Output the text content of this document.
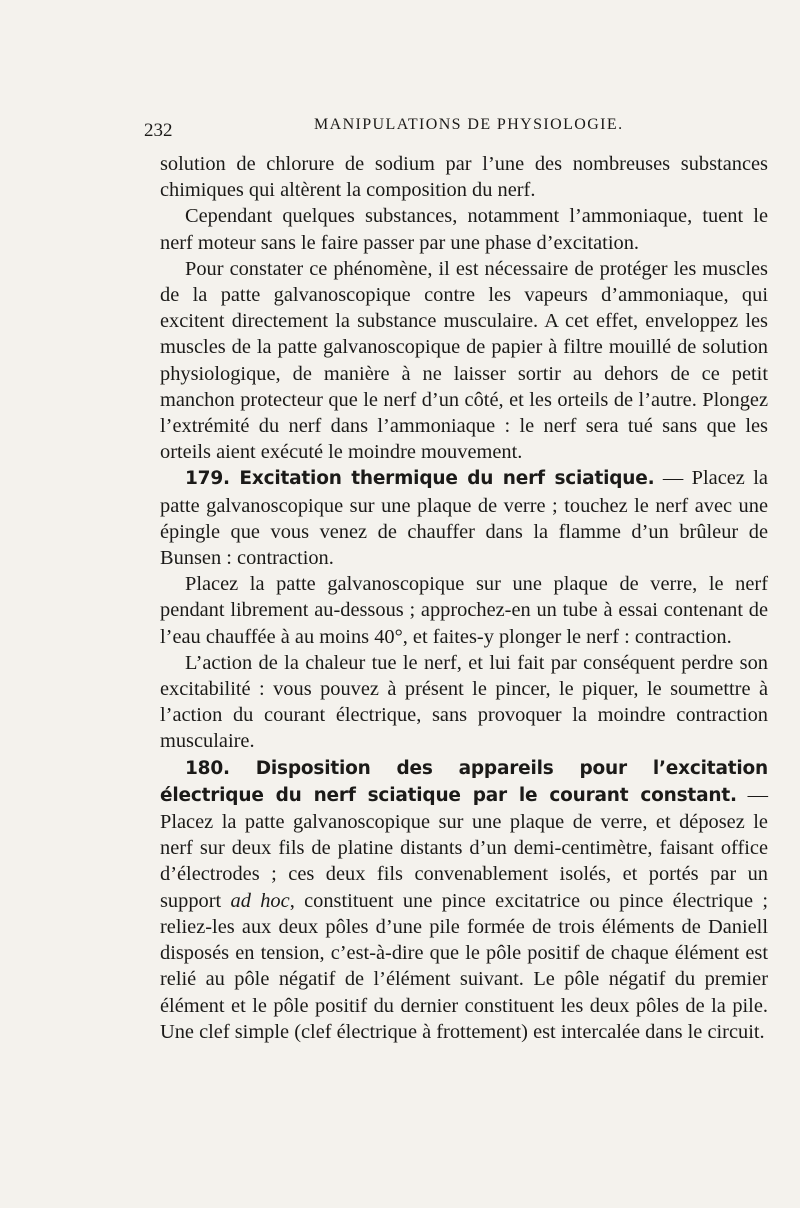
232	MANIPULATIONS DE PHYSIOLOGIE.

solution de chlorure de sodium par l’une des nombreuses substances chimiques qui altèrent la composition du nerf.

Cependant quelques substances, notamment l’ammoniaque, tuent le nerf moteur sans le faire passer par une phase d’excitation.

Pour constater ce phénomène, il est nécessaire de protéger les muscles de la patte galvanoscopique contre les vapeurs d’ammoniaque, qui excitent directement la substance musculaire. A cet effet, enveloppez les muscles de la patte galvanoscopique de papier à filtre mouillé de solution physiologique, de manière à ne laisser sortir au dehors de ce petit manchon protecteur que le nerf d’un côté, et les orteils de l’autre. Plongez l’extrémité du nerf dans l’ammoniaque : le nerf sera tué sans que les orteils aient exécuté le moindre mouvement.

179. Excitation thermique du nerf sciatique. — Placez la patte galvanoscopique sur une plaque de verre ; touchez le nerf avec une épingle que vous venez de chauffer dans la flamme d’un brûleur de Bunsen : contraction.

Placez la patte galvanoscopique sur une plaque de verre, le nerf pendant librement au-dessous ; approchez-en un tube à essai contenant de l’eau chauffée à au moins 40°, et faites-y plonger le nerf : contraction.

L’action de la chaleur tue le nerf, et lui fait par conséquent perdre son excitabilité : vous pouvez à présent le pincer, le piquer, le soumettre à l’action du courant électrique, sans provoquer la moindre contraction musculaire.

180. Disposition des appareils pour l’excitation électrique du nerf sciatique par le courant constant. — Placez la patte galvanoscopique sur une plaque de verre, et déposez le nerf sur deux fils de platine distants d’un demi-centimètre, faisant office d’électrodes ; ces deux fils convenablement isolés, et portés par un support ad hoc, constituent une pince excitatrice ou pince électrique ; reliez-les aux deux pôles d’une pile formée de trois éléments de Daniell disposés en tension, c’est-à-dire que le pôle positif de chaque élément est relié au pôle négatif de l’élément suivant. Le pôle négatif du premier élément et le pôle positif du dernier constituent les deux pôles de la pile. Une clef simple (clef électrique à frottement) est intercalée dans le circuit.
